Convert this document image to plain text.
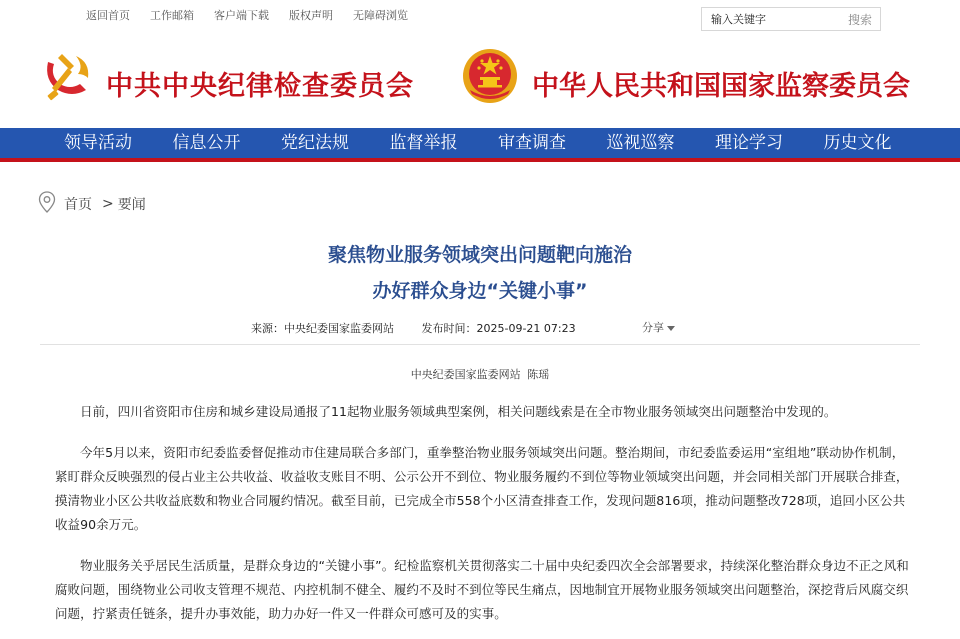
返回首页 工作邮箱 客户端下载 版权声明 无障碍浏览
输入关键字	搜索
中共中央纪律检查委员会	中华人民共和国国家监察委员会
领导活动	信息公开	党纪法规	监督举报	审查调查	巡视巡察	理论学习	历史文化
首页 > 要闻
聚焦物业服务领域突出问题靶向施治
办好群众身边“关键小事”
来源：中央纪委国家监委网站	发布时间：2025-09-21 07:23	分享
中央纪委国家监委网站 陈瑶

日前，四川省资阳市住房和城乡建设局通报了11起物业服务领域典型案例，相关问题线索是在全市物业服务领域突出问题整治中发现的。

今年5月以来，资阳市纪委监委督促推动市住建局联合多部门，重拳整治物业服务领域突出问题。整治期间，市纪委监委运用“室组地”联动协作机制，紧盯群众反映强烈的侵占业主公共收益、收益收支账目不明、公示公开不到位、物业服务履约不到位等物业领域突出问题，并会同相关部门开展联合排查，摸清物业小区公共收益底数和物业合同履约情况。截至目前，已完成全市558个小区清查排查工作，发现问题816项，推动问题整改728项，追回小区公共收益90余万元。

物业服务关乎居民生活质量，是群众身边的“关键小事”。纪检监察机关贯彻落实二十届中央纪委四次全会部署要求，持续深化整治群众身边不正之风和腐败问题，围绕物业公司收支管理不规范、内控机制不健全、履约不及时不到位等民生痛点，因地制宜开展物业服务领域突出问题整治，深挖背后风腐交织问题，拧紧责任链条，提升办事效能，助力办好一件又一件群众可感可及的实事。
